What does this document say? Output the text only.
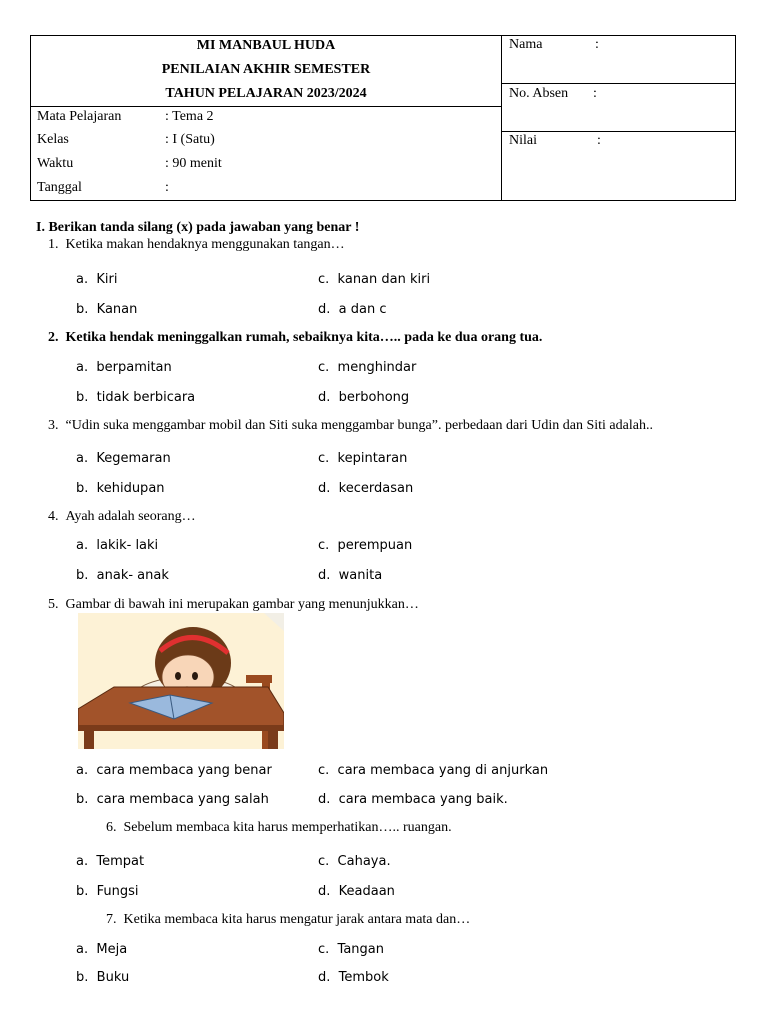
MI MANBAUL HUDA
PENILAIAN AKHIR SEMESTER
TAHUN PELAJARAN 2023/2024
Mata Pelajaran	: Tema 2
Kelas	: I (Satu)
Waktu	: 90 menit
Tanggal	:
Nama	:
No. Absen :
Nilai	:
I. Berikan tanda silang (x) pada jawaban yang benar !
1. Ketika makan hendaknya menggunakan tangan…
a. Kiri	c. kanan dan kiri
b. Kanan	d. a dan c
2. Ketika hendak meninggalkan rumah, sebaiknya kita….. pada ke dua orang tua.
a. berpamitan	c. menghindar
b. tidak berbicara	d. berbohong
3. “Udin suka menggambar mobil dan Siti suka menggambar bunga”. perbedaan dari Udin dan Siti adalah..
a. Kegemaran	c. kepintaran
b. kehidupan	d. kecerdasan
4. Ayah adalah seorang…
a. lakik- laki	c. perempuan
b. anak- anak	d. wanita
5. Gambar di bawah ini merupakan gambar yang menunjukkan…
a. cara membaca yang benar	c. cara membaca yang di anjurkan
b. cara membaca yang salah	d. cara membaca yang baik.
6. Sebelum membaca kita harus memperhatikan….. ruangan.
a. Tempat	c. Cahaya.
b. Fungsi	d. Keadaan
7. Ketika membaca kita harus mengatur jarak antara mata dan…
a. Meja	c. Tangan
b. Buku	d. Tembok
